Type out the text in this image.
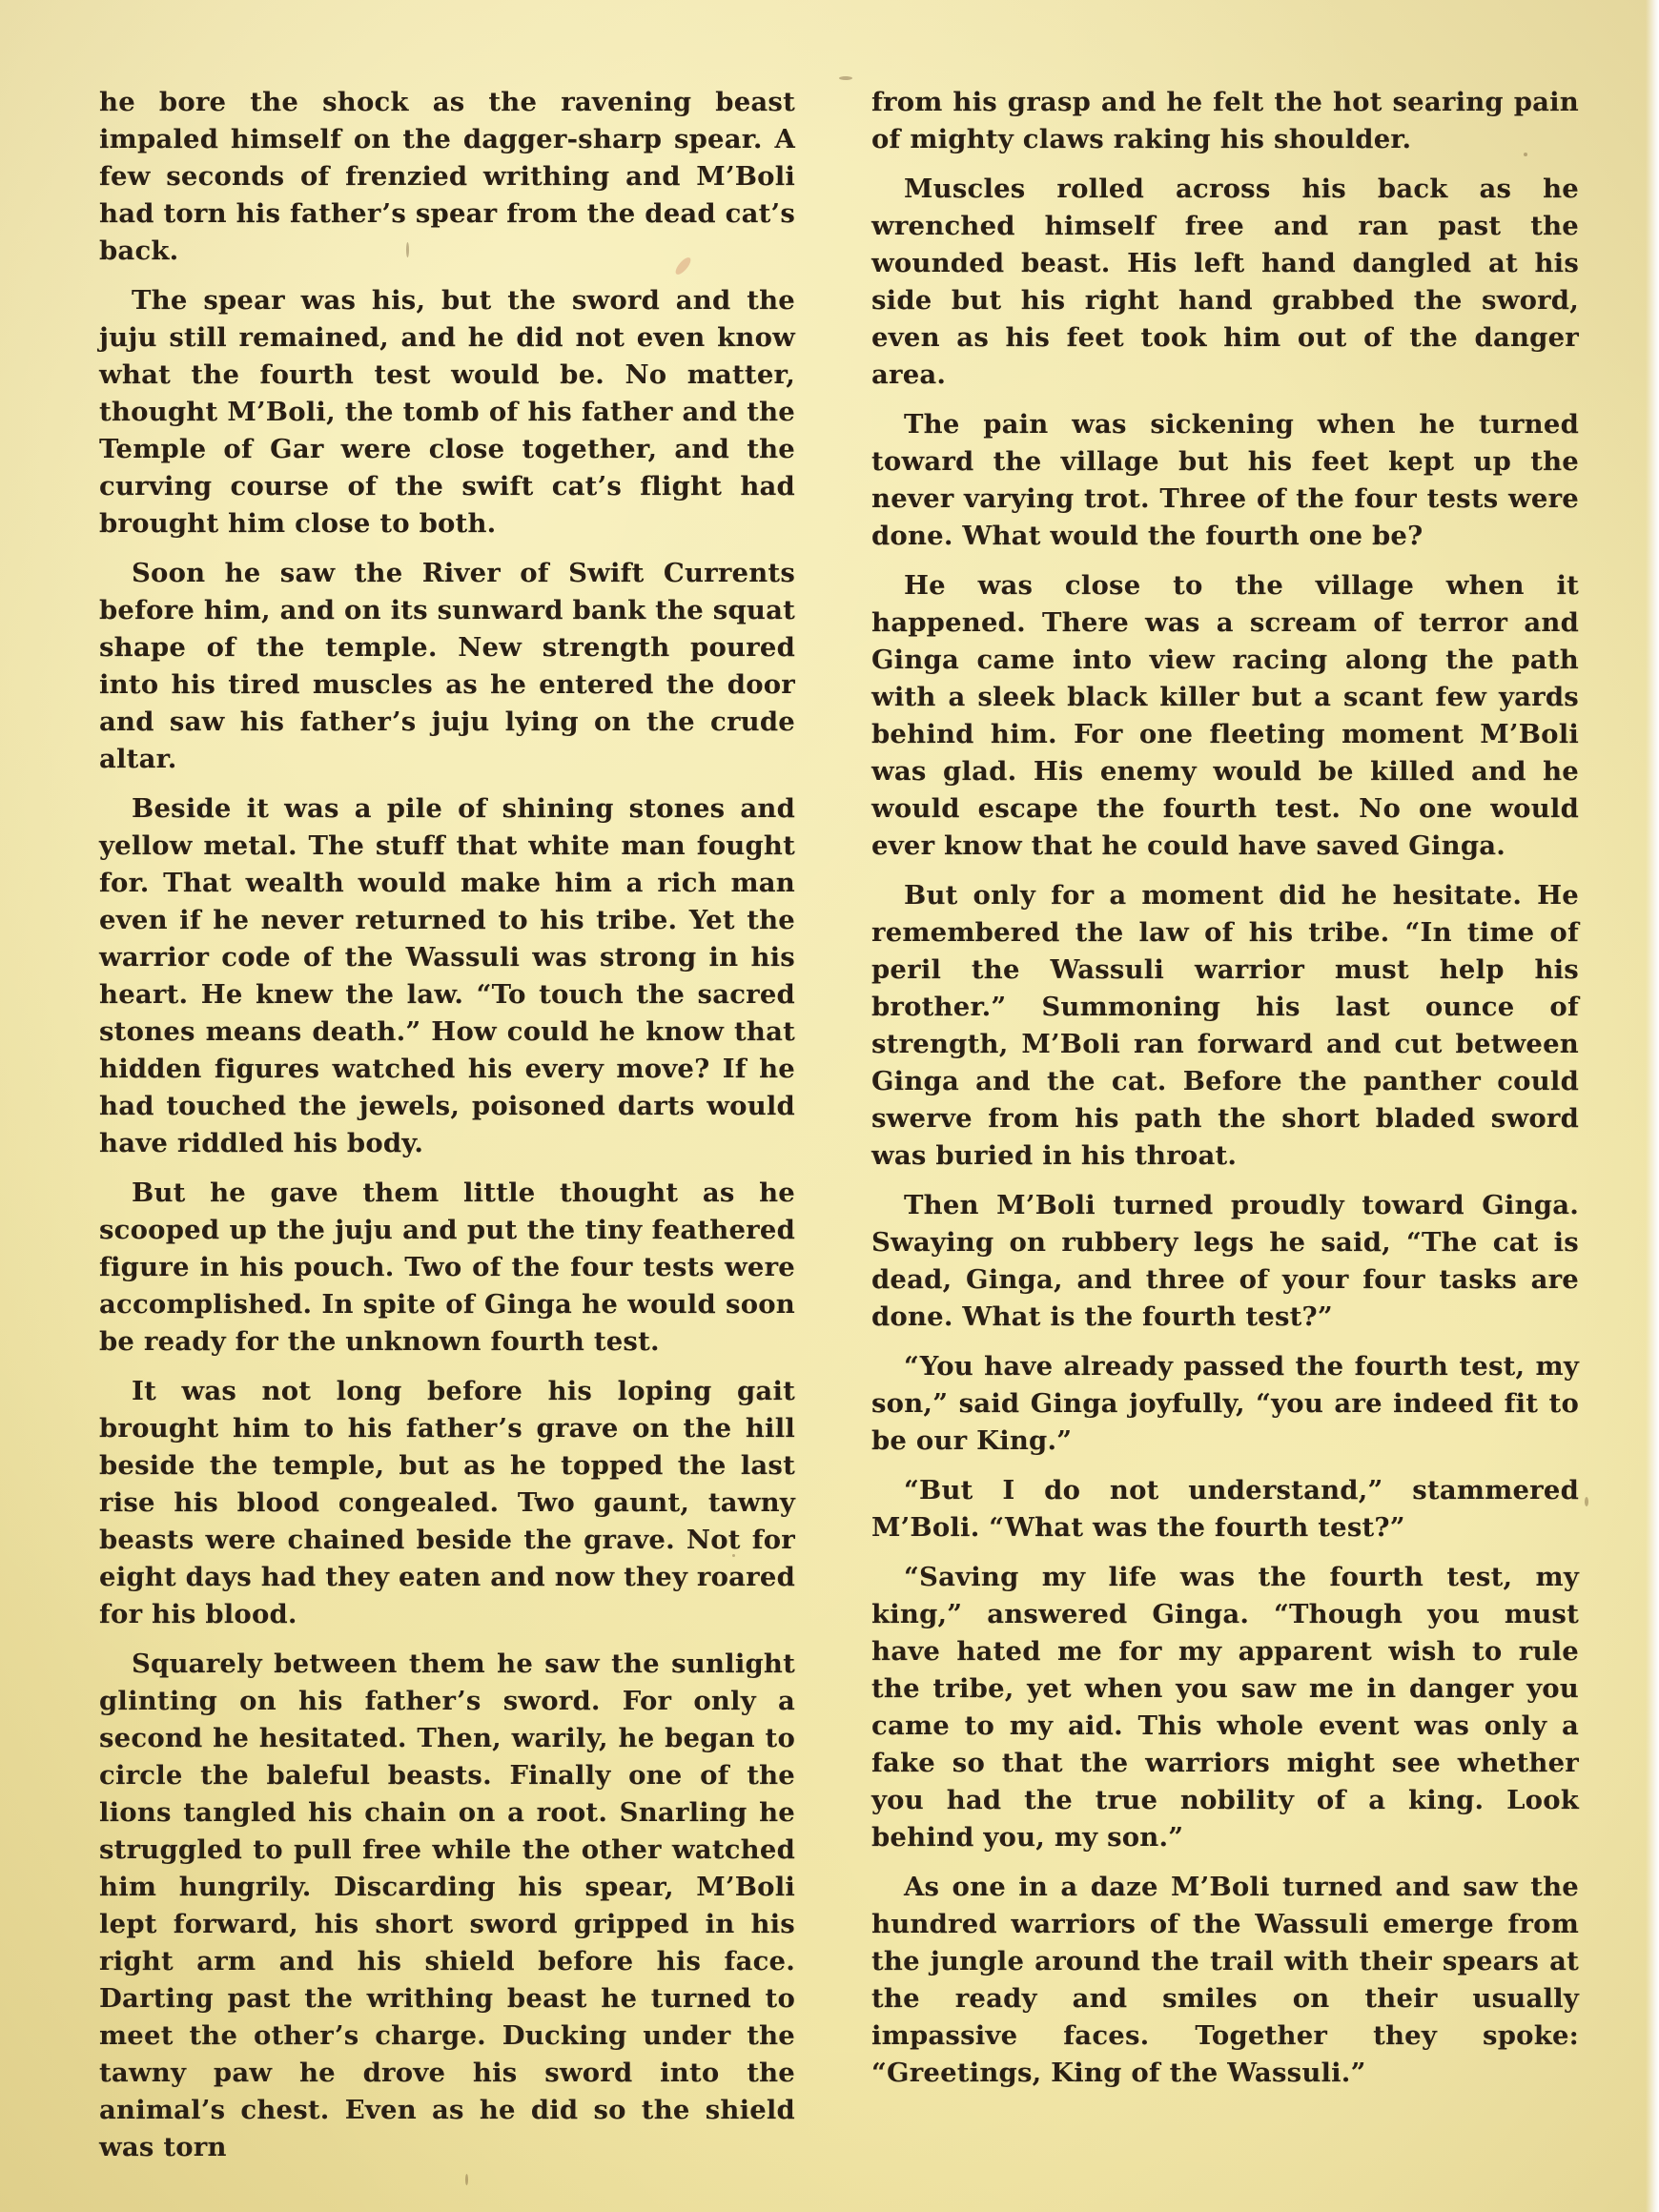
he bore the shock as the ravening beast impaled himself on the dagger-sharp spear. A few seconds of frenzied writhing and M’Boli had torn his father’s spear from the dead cat’s back.

The spear was his, but the sword and the juju still remained, and he did not even know what the fourth test would be. No matter, thought M’Boli, the tomb of his father and the Temple of Gar were close together, and the curving course of the swift cat’s flight had brought him close to both.

Soon he saw the River of Swift Currents before him, and on its sunward bank the squat shape of the temple. New strength poured into his tired muscles as he entered the door and saw his father’s juju lying on the crude altar.

Beside it was a pile of shining stones and yellow metal. The stuff that white man fought for. That wealth would make him a rich man even if he never returned to his tribe. Yet the warrior code of the Wassuli was strong in his heart. He knew the law. “To touch the sacred stones means death.” How could he know that hidden figures watched his every move? If he had touched the jewels, poisoned darts would have riddled his body.

But he gave them little thought as he scooped up the juju and put the tiny feathered figure in his pouch. Two of the four tests were accomplished. In spite of Ginga he would soon be ready for the unknown fourth test.

It was not long before his loping gait brought him to his father’s grave on the hill beside the temple, but as he topped the last rise his blood congealed. Two gaunt, tawny beasts were chained beside the grave. Not for eight days had they eaten and now they roared for his blood.

Squarely between them he saw the sunlight glinting on his father’s sword. For only a second he hesitated. Then, warily, he began to circle the baleful beasts. Finally one of the lions tangled his chain on a root. Snarling he struggled to pull free while the other watched him hungrily. Discarding his spear, M’Boli lept forward, his short sword gripped in his right arm and his shield before his face. Darting past the writhing beast he turned to meet the other’s charge. Ducking under the tawny paw he drove his sword into the animal’s chest. Even as he did so the shield was torn

from his grasp and he felt the hot searing pain of mighty claws raking his shoulder.

Muscles rolled across his back as he wrenched himself free and ran past the wounded beast. His left hand dangled at his side but his right hand grabbed the sword, even as his feet took him out of the danger area.

The pain was sickening when he turned toward the village but his feet kept up the never varying trot. Three of the four tests were done. What would the fourth one be?

He was close to the village when it happened. There was a scream of terror and Ginga came into view racing along the path with a sleek black killer but a scant few yards behind him. For one fleeting moment M’Boli was glad. His enemy would be killed and he would escape the fourth test. No one would ever know that he could have saved Ginga.

But only for a moment did he hesitate. He remembered the law of his tribe. “In time of peril the Wassuli warrior must help his brother.” Summoning his last ounce of strength, M’Boli ran forward and cut between Ginga and the cat. Before the panther could swerve from his path the short bladed sword was buried in his throat.

Then M’Boli turned proudly toward Ginga. Swaying on rubbery legs he said, “The cat is dead, Ginga, and three of your four tasks are done. What is the fourth test?”

“You have already passed the fourth test, my son,” said Ginga joyfully, “you are indeed fit to be our King.”

“But I do not understand,” stammered M’Boli. “What was the fourth test?”

“Saving my life was the fourth test, my king,” answered Ginga. “Though you must have hated me for my apparent wish to rule the tribe, yet when you saw me in danger you came to my aid. This whole event was only a fake so that the warriors might see whether you had the true nobility of a king. Look behind you, my son.”

As one in a daze M’Boli turned and saw the hundred warriors of the Wassuli emerge from the jungle around the trail with their spears at the ready and smiles on their usually impassive faces. Together they spoke: “Greetings, King of the Wassuli.”
